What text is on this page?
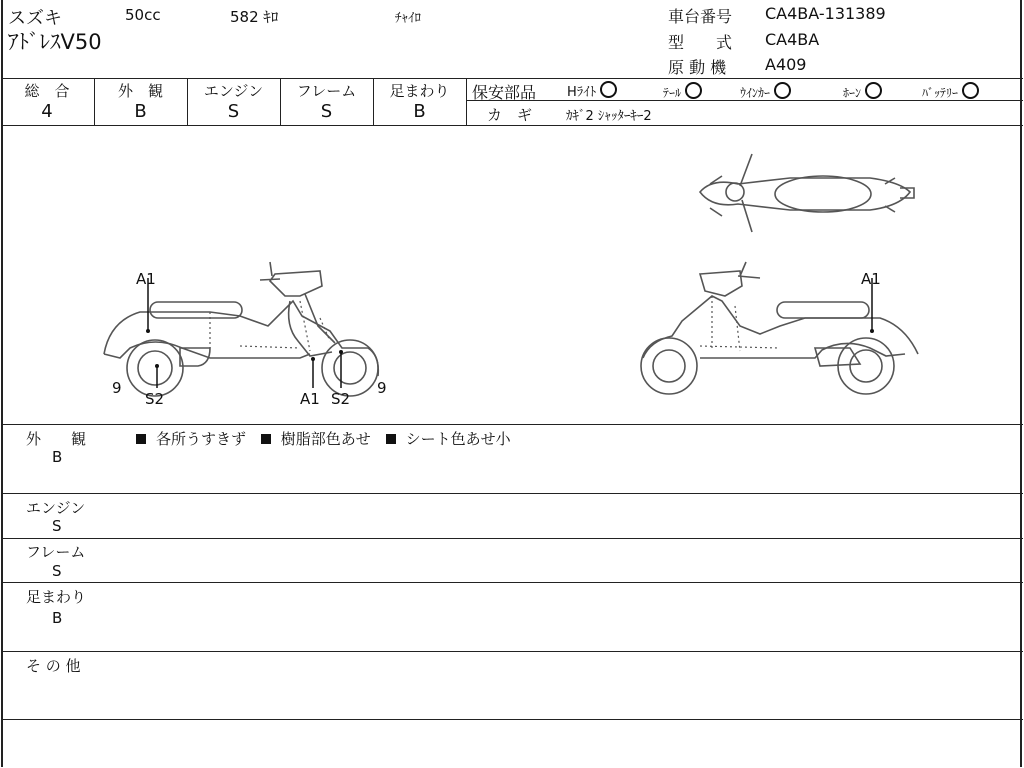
スズキ	50cc	582 ｷﾛ	ﾁｬｲﾛ
ｱﾄﾞﾚｽV50
車台番号 CA4BA-131389
型　　式 CA4BA
原 動 機 A409
総　合
4
外　観
B
エンジン
S
フレーム
S
足まわり
B
保安部品 Hﾗｲﾄ	ﾃｰﾙ	ｳｲﾝｶｰ	ﾎｰﾝ	ﾊﾞｯﾃﾘｰ
カ　ギ	ｶｷﾞ2 ｼｬｯﾀｰｷｰ2
A1
9
S2	A1 S2
9
A1
外　　観
B
各所うすきず 樹脂部色あせ シート色あせ小
エンジン
S
フレーム
S
足まわり
B
そ の 他
